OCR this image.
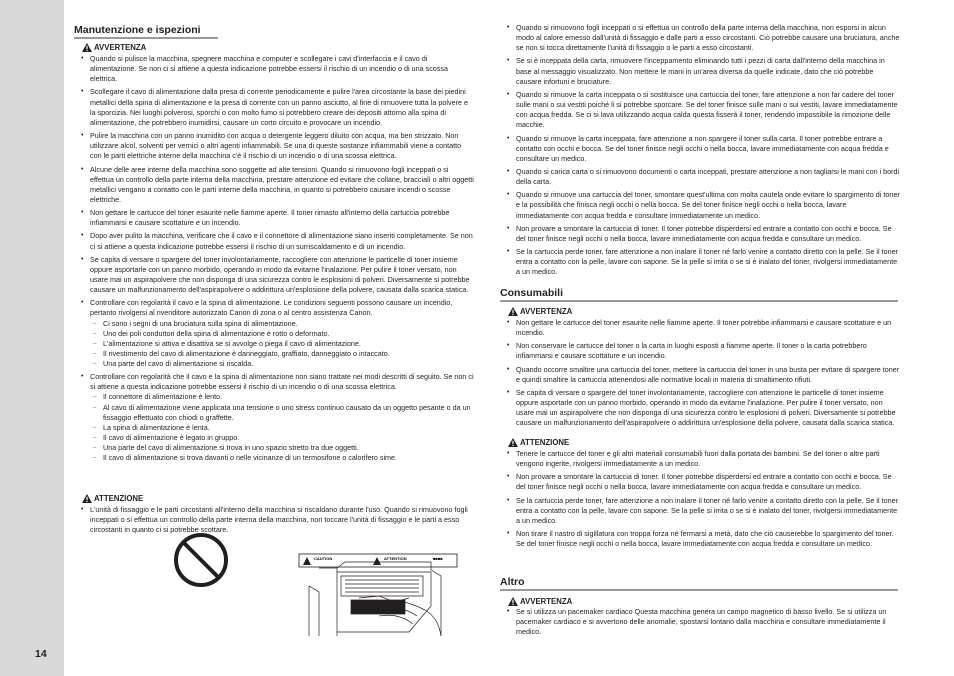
14
Manutenzione e ispezioni
AVVERTENZA
• Quando si pulisce la macchina, spegnere macchina e computer e scollegare i cavi d'interfaccia e il cavo di alimentazione. Se non ci si attiene a questa indicazione potrebbe essersi il rischio di un incendio o di una scossa elettrica.
• Scollegare il cavo di alimentazione dalla presa di corrente periodicamente e pulire l'area circostante la base dei piedini metallici della spina di alimentazione e la presa di corrente con un panno asciutto, al fine di rimuovere tutta la polvere e la sporcizia. Nei luoghi polverosi, sporchi o con molto fumo si potrebbero creare dei depositi attorno alla spina di alimentazione, che potrebbero inumidirsi, causare un corto circuito e provocare un incendio.
• Pulire la macchina con un panno inumidito con acqua o detergente leggero diluito con acqua, ma ben strizzato. Non utilizzare alcol, solventi per vernici o altri agenti infiammabili. Se una di queste sostanze infiammabili viene a contatto con le parti elettriche interne della macchina c'è il rischio di un incendio o di una scossa elettrica.
• Alcune delle aree interne della macchina sono soggette ad alte tensioni. Quando si rimuovono fogli inceppati o si effettua un controllo della parte interna della macchina, prestare attenzione ed evitare che collane, braccialì o altri oggetti metallici vengano a contatto con le parti interne della macchina, in quanto si potrebbero causare incendi o scosse elettriche.
• Non gettare le cartucce del toner esaurite nelle fiamme aperte. Il toner rimasto all'interno della cartuccia potrebbe infiammarsi e causare scottature e un incendio.
• Dopo aver pulito la macchina, verificare che il cavo e il connettore di alimentazione siano inseriti completamente. Se non ci si attiene a questa indicazione potrebbe essersi il rischio di un surriscaldamento e di un incendio.
• Se capita di versare o spargere del toner involontariamente, raccogliere con attenzione le particelle di toner insieme oppure asportarle con un panno morbido, operando in modo da evitarne l'inalazione. Per pulire il toner versato, non usare mai un aspirapolvere che non disponga di una sicurezza contro le esplosioni di polveri. Diversamente si potrebbe causare un malfunzionamento dell'aspirapolvere o addirittura un'esplosione della polvere, causata dalla scarica statica.
• Controllare con regolarità il cavo e la spina di alimentazione. Le condizioni seguenti possono causare un incendio, pertanto rivolgersi al rivenditore autorizzato Canon di zona o al centro assistenza Canon.
– Ci sono i segni di una bruciatura sulla spina di alimentazione.
– Uno dei poli conduttori della spina di alimentazione è rotto o deformato.
– L'alimentazione si attiva e disattiva se si avvolge o piega il cavo di alimentazione.
– Il rivestimento del cavo di alimentazione è danneggiato, graffiato, danneggiato o intaccato.
– Una parte del cavo di alimentazione si riscalda.
• Controllare con regolarità che il cavo e la spina di alimentazione non siano trattate nei modi descritti di seguito. Se non ci si attiene a questa indicazione potrebbe essersi il rischio di un incendio o di una scossa elettrica.
– Il connettore di alimentazione è lento.
– Al cavo di alimentazione viene applicata una tensione o uno stress continuo causato da un oggetto pesante o da un fissaggio effettuato con chiodi o graffette.
– La spina di alimentazione è lenta.
– Il cavo di alimentazione è legato in gruppo.
– Una parte del cavo di alimentazione si trova in uno spazio stretto tra due oggetti.
– Il cavo di alimentazione si trova davanti o nelle vicinanze di un termosifone o calorifero sime.
ATTENZIONE
• L'unità di fissaggio e le parti circostanti all'interno della macchina si riscaldano durante l'uso. Quando si rimuovono fogli inceppati o si effettua un controllo della parte interna della macchina, non toccare l'unità di fissaggio e le parti a esso circostanti in quanto ci si potrebbe scottare.
CAUTION	ATTENTION	■■■■
• Quando si rimuovono fogli inceppati o si effettua un controllo della parte interna della macchina, non esporsi in alcun modo al calore emesso dall'unità di fissaggio e dalle parti a esso circostanti. Ciò potrebbe causare una bruciatura, anche se non si tocca direttamente l'unità di fissaggio o le parti a esso circostanti.
• Se si è inceppata della carta, rimuovere l'inceppamento eliminando tutti i pezzi di carta dall'interno della macchina in base al messaggio visualizzato. Non mettere le mani in un'area diversa da quelle indicate, dato che ciò potrebbe causare infortuni e bruciature.
• Quando si rimuove la carta inceppata o si sostituisce una cartuccia del toner, fare attenzione a non far cadere del toner sulle mani o sui vestiti poiché li si potrebbe sporcare. Se del toner finisce sulle mani o sui vestiti, lavare immediatamente con acqua fredda. Se ci si lava utilizzando acqua calda questa fisserà il toner, rendendo impossibile la rimozione delle macchie.
• Quando si rimuove la carta inceppata, fare attenzione a non spargere il toner sulla carta. Il toner potrebbe entrare a contatto con occhi e bocca. Se del toner finisce negli occhi o nella bocca, lavare immediatamente con acqua fredda e consultare un medico.
• Quando si carica carta o si rimuovono documenti o carta inceppati, prestare attenzione a non tagliarsi le mani con i bordi della carta.
• Quando si rimuove una cartuccia del toner, smontare quest'ultima con molta cautela onde evitare lo spargimento di toner e la possibilità che finisca negli occhi o nella bocca. Se del toner finisce negli occhi o nella bocca, lavare immediatamente con acqua fredda e consultare immediatamente un medico.
• Non provare a smontare la cartuccia di toner. Il toner potrebbe disperdersi ed entrare a contatto con occhi e bocca. Se del toner finisce negli occhi o nella bocca, lavare immediatamente con acqua fredda e consultare un medico.
• Se la cartuccia perde toner, fare attenzione a non inalare il toner né farlo venire a contatto diretto con la pelle. Se il toner entra a contatto con la pelle, lavare con sapone. Se la pelle si irrita o se si è inalato del toner, rivolgersi immediatamente a un medico.
Consumabili
AVVERTENZA
• Non gettare le cartucce del toner esaurite nelle fiamme aperte. Il toner potrebbe infiammarsi e causare scottature e un incendio.
• Non conservare le cartucce del toner o la carta in luoghi esposti a fiamme aperte. Il toner o la carta potrebbero infiammarsi e causare scottature e un incendio.
• Quando occorre smaltire una cartuccia del toner, mettere la cartuccia del toner in una busta per evitare di spargere toner e quindi smaltire la cartuccia attenendosi alle normative locali in materia di smaltimento rifiuti.
• Se capita di versare o spargere del toner involontariamente, raccogliere con attenzione le particelle di toner insieme oppure asportarle con un panno morbido, operando in modo da evitarne l'inalazione. Per pulire il toner versato, non usare mai un aspirapolvere che non disponga di una sicurezza contro le esplosioni di polveri. Diversamente si potrebbe causare un malfunzionamento dell'aspirapolvere o addirittura un'esplosione della polvere, causata dalla scarica statica.
ATTENZIONE
• Tenere le cartucce del toner e gli altri materiali consumabili fuori dalla portata dei bambini. Se del toner o altre parti vengono ingerite, rivolgersi immediatamente a un medico.
• Non provare a smontare la cartuccia di toner. Il toner potrebbe disperdersi ed entrare a contatto con occhi e bocca. Se del toner finisce negli occhi o nella bocca, lavare immediatamente con acqua fredda e consultare un medico.
• Se la cartuccia perde toner, fare attenzione a non inalare il toner né farlo venire a contatto diretto con la pelle. Se il toner entra a contatto con la pelle, lavare con sapone. Se la pelle si irrita o se si è inalato del toner, rivolgersi immediatamente a un medico.
• Non tirare il nastro di sigillatura con troppa forza né fermarsi a metà, dato che ciò causerebbe lo spargimento del toner. Se del toner finisce negli occhi o nella bocca, lavare immediatamente con acqua fredda e consultare un medico.
Altro
AVVERTENZA
• Se si utilizza un pacemaker cardiaco Questa macchina genera un campo magnetico di basso livello. Se si utilizza un pacemaker cardiaco e si avvertono delle anomalie, spostarsi lontano dalla macchina e consultare immediatamente il medico.
